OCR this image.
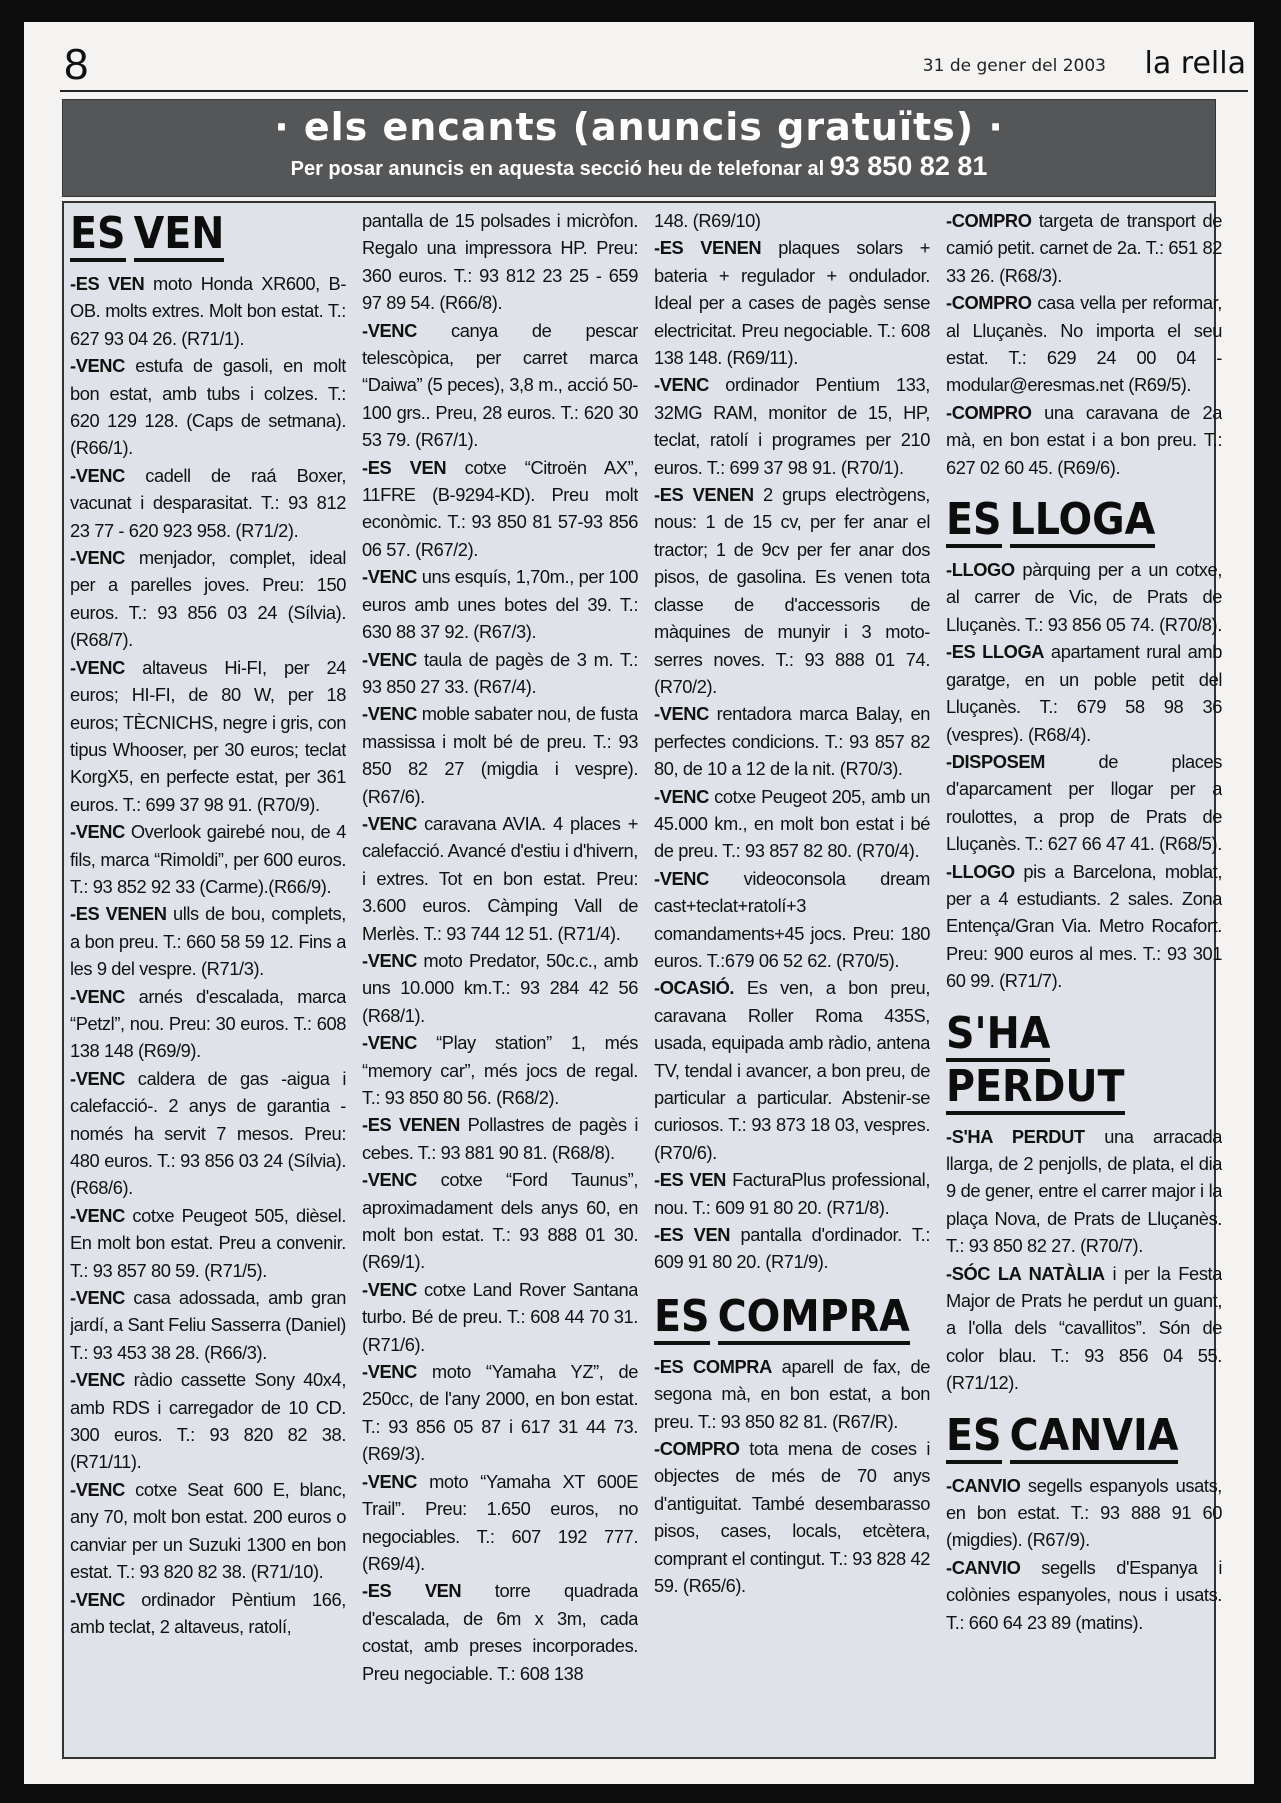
8	31 de gener del 2003 la rella
· els encants (anuncis gratuïts) ·
Per posar anuncis en aquesta secció heu de telefonar al 93 850 82 81
ES VEN

-ES VEN moto Honda XR600, B-OB. molts extres. Molt bon estat. T.: 627 93 04 26. (R71/1).

-VENC estufa de gasoli, en molt bon estat, amb tubs i colzes. T.: 620 129 128. (Caps de setmana). (R66/1).

-VENC cadell de raá Boxer, vacunat i desparasitat. T.: 93 812 23 77 - 620 923 958. (R71/2).

-VENC menjador, complet, ideal per a parelles joves. Preu: 150 euros. T.: 93 856 03 24 (Sílvia). (R68/7).

-VENC altaveus Hi-FI, per 24 euros; HI-FI, de 80 W, per 18 euros; TÈCNICHS, negre i gris, con tipus Whooser, per 30 euros; teclat KorgX5, en perfecte estat, per 361 euros. T.: 699 37 98 91. (R70/9).

-VENC Overlook gairebé nou, de 4 fils, marca “Rimoldi”, per 600 euros. T.: 93 852 92 33 (Carme).(R66/9).

-ES VENEN ulls de bou, complets, a bon preu. T.: 660 58 59 12. Fins a les 9 del vespre. (R71/3).

-VENC arnés d'escalada, marca “Petzl”, nou. Preu: 30 euros. T.: 608 138 148 (R69/9).

-VENC caldera de gas -aigua i calefacció-. 2 anys de garantia - només ha servit 7 mesos. Preu: 480 euros. T.: 93 856 03 24 (Sílvia). (R68/6).

-VENC cotxe Peugeot 505, dièsel. En molt bon estat. Preu a convenir. T.: 93 857 80 59. (R71/5).

-VENC casa adossada, amb gran jardí, a Sant Feliu Sasserra (Daniel) T.: 93 453 38 28. (R66/3).

-VENC ràdio cassette Sony 40x4, amb RDS i carregador de 10 CD. 300 euros. T.: 93 820 82 38. (R71/11).

-VENC cotxe Seat 600 E, blanc, any 70, molt bon estat. 200 euros o canviar per un Suzuki 1300 en bon estat. T.: 93 820 82 38. (R71/10).

-VENC ordinador Pèntium 166, amb teclat, 2 altaveus, ratolí,

pantalla de 15 polsades i micròfon. Regalo una impressora HP. Preu: 360 euros. T.: 93 812 23 25 - 659 97 89 54. (R66/8).

-VENC canya de pescar telescòpica, per carret marca “Daiwa” (5 peces), 3,8 m., acció 50-100 grs.. Preu, 28 euros. T.: 620 30 53 79. (R67/1).

-ES VEN cotxe “Citroën AX”, 11FRE (B-9294-KD). Preu molt econòmic. T.: 93 850 81 57-93 856 06 57. (R67/2).

-VENC uns esquís, 1,70m., per 100 euros amb unes botes del 39. T.: 630 88 37 92. (R67/3).

-VENC taula de pagès de 3 m. T.: 93 850 27 33. (R67/4).

-VENC moble sabater nou, de fusta massissa i molt bé de preu. T.: 93 850 82 27 (migdia i vespre). (R67/6).

-VENC caravana AVIA. 4 places + calefacció. Avancé d'estiu i d'hivern, i extres. Tot en bon estat. Preu: 3.600 euros. Càmping Vall de Merlès. T.: 93 744 12 51. (R71/4).

-VENC moto Predator, 50c.c., amb uns 10.000 km.T.: 93 284 42 56 (R68/1).

-VENC “Play station” 1, més “memory car”, més jocs de regal. T.: 93 850 80 56. (R68/2).

-ES VENEN Pollastres de pagès i cebes. T.: 93 881 90 81. (R68/8).

-VENC cotxe “Ford Taunus”, aproximadament dels anys 60, en molt bon estat. T.: 93 888 01 30. (R69/1).

-VENC cotxe Land Rover Santana turbo. Bé de preu. T.: 608 44 70 31. (R71/6).

-VENC moto “Yamaha YZ”, de 250cc, de l'any 2000, en bon estat. T.: 93 856 05 87 i 617 31 44 73. (R69/3).

-VENC moto “Yamaha XT 600E Trail”. Preu: 1.650 euros, no negociables. T.: 607 192 777. (R69/4).

-ES VEN torre quadrada d'escalada, de 6m x 3m, cada costat, amb preses incorporades. Preu negociable. T.: 608 138

148. (R69/10)

-ES VENEN plaques solars + bateria + regulador + ondulador. Ideal per a cases de pagès sense electricitat. Preu negociable. T.: 608 138 148. (R69/11).

-VENC ordinador Pentium 133, 32MG RAM, monitor de 15, HP, teclat, ratolí i programes per 210 euros. T.: 699 37 98 91. (R70/1).

-ES VENEN 2 grups electrògens, nous: 1 de 15 cv, per fer anar el tractor; 1 de 9cv per fer anar dos pisos, de gasolina. Es venen tota classe de d'accessoris de màquines de munyir i 3 moto-serres noves. T.: 93 888 01 74. (R70/2).

-VENC rentadora marca Balay, en perfectes condicions. T.: 93 857 82 80, de 10 a 12 de la nit. (R70/3).

-VENC cotxe Peugeot 205, amb un 45.000 km., en molt bon estat i bé de preu. T.: 93 857 82 80. (R70/4).

-VENC videoconsola dream cast+teclat+ratolí+3 comandaments+45 jocs. Preu: 180 euros. T.:679 06 52 62. (R70/5).

-OCASIÓ. Es ven, a bon preu, caravana Roller Roma 435S, usada, equipada amb ràdio, antena TV, tendal i avancer, a bon preu, de particular a particular. Abstenir-se curiosos. T.: 93 873 18 03, vespres. (R70/6).

-ES VEN FacturaPlus professional, nou. T.: 609 91 80 20. (R71/8).

-ES VEN pantalla d'ordinador. T.: 609 91 80 20. (R71/9).

ES COMPRA

-ES COMPRA aparell de fax, de segona mà, en bon estat, a bon preu. T.: 93 850 82 81. (R67/R).

-COMPRO tota mena de coses i objectes de més de 70 anys d'antiguitat. També desembarasso pisos, cases, locals, etcètera, comprant el contingut. T.: 93 828 42 59. (R65/6).

-COMPRO targeta de transport de camió petit. carnet de 2a. T.: 651 82 33 26. (R68/3).

-COMPRO casa vella per reformar, al Lluçanès. No importa el seu estat. T.: 629 24 00 04 - modular@eresmas.net (R69/5).

-COMPRO una caravana de 2a mà, en bon estat i a bon preu. T.: 627 02 60 45. (R69/6).

ES LLOGA

-LLOGO pàrquing per a un cotxe, al carrer de Vic, de Prats de Lluçanès. T.: 93 856 05 74. (R70/8).

-ES LLOGA apartament rural amb garatge, en un poble petit del Lluçanès. T.: 679 58 98 36 (vespres). (R68/4).

-DISPOSEM de places d'aparcament per llogar per a roulottes, a prop de Prats de Lluçanès. T.: 627 66 47 41. (R68/5).

-LLOGO pis a Barcelona, moblat, per a 4 estudiants. 2 sales. Zona Entença/Gran Via. Metro Rocafort. Preu: 900 euros al mes. T.: 93 301 60 99. (R71/7).

S'HAPERDUT

-S'HA PERDUT una arracada llarga, de 2 penjolls, de plata, el dia 9 de gener, entre el carrer major i la plaça Nova, de Prats de Lluçanès. T.: 93 850 82 27. (R70/7).

-SÓC LA NATÀLIA i per la Festa Major de Prats he perdut un guant, a l'olla dels “cavallitos”. Són de color blau. T.: 93 856 04 55. (R71/12).

ES CANVIA

-CANVIO segells espanyols usats, en bon estat. T.: 93 888 91 60 (migdies). (R67/9).

-CANVIO segells d'Espanya i colònies espanyoles, nous i usats. T.: 660 64 23 89 (matins).
